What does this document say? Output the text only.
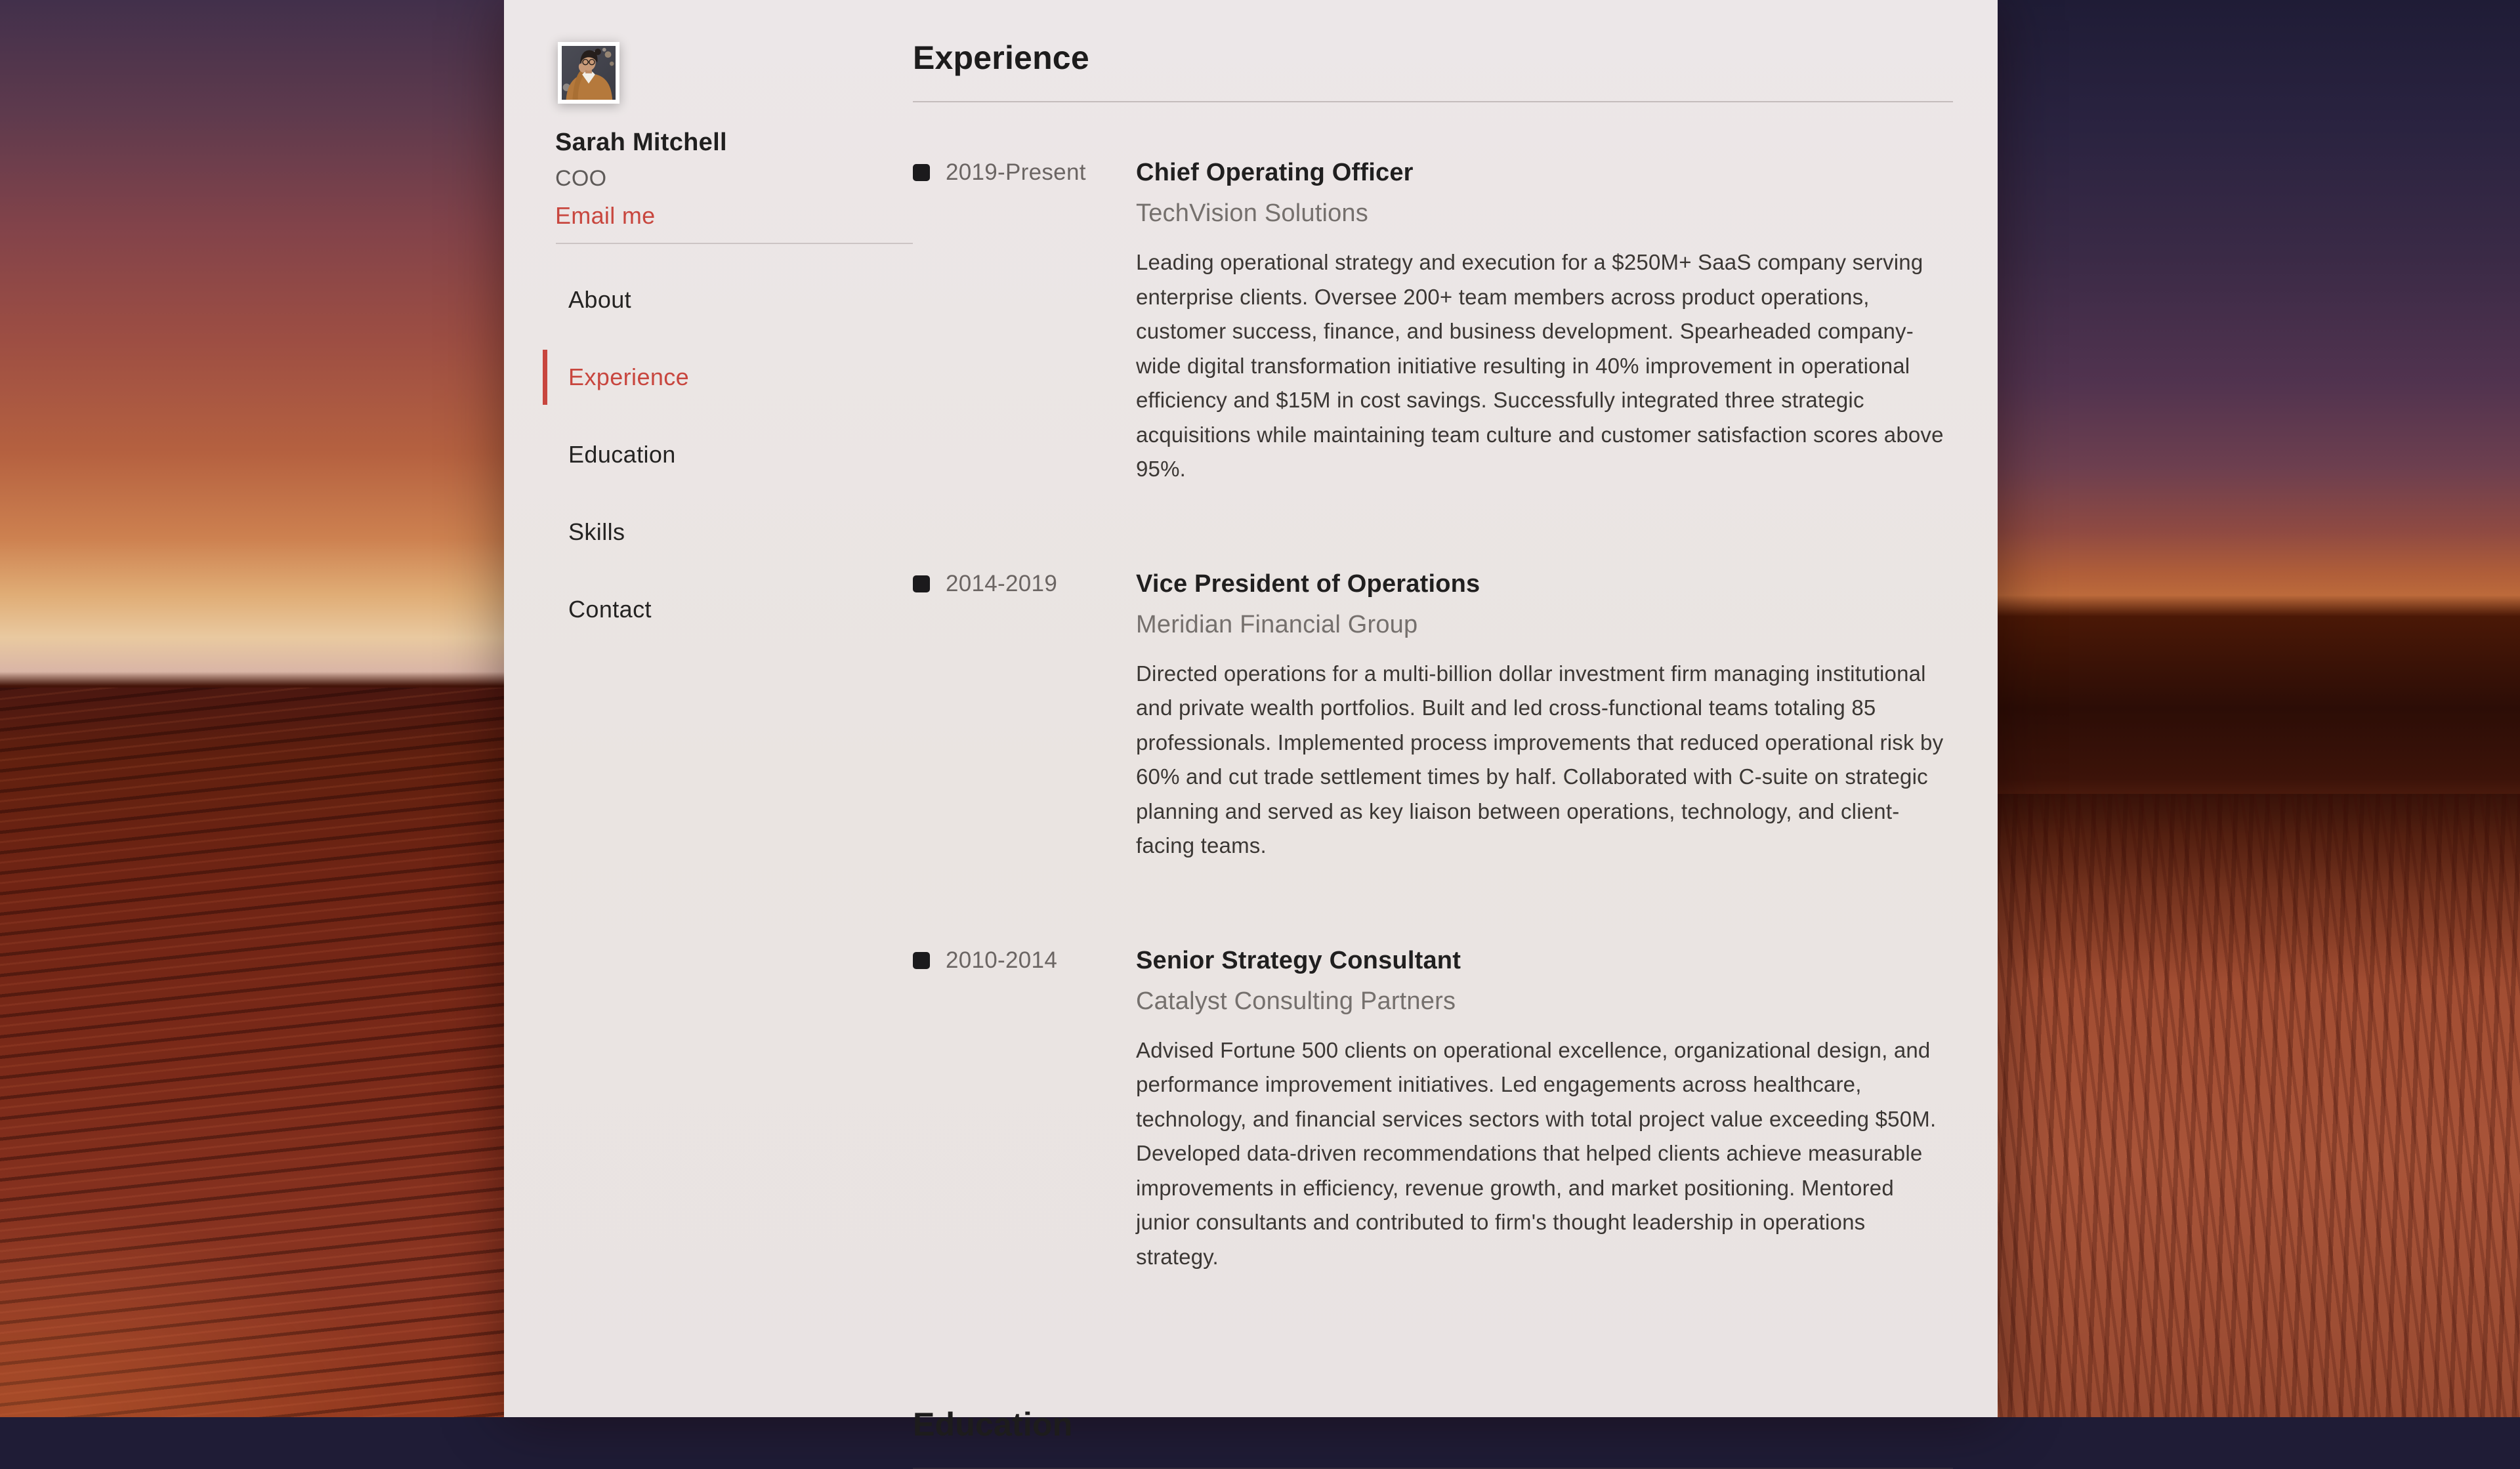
Sarah Mitchell
COO
Email me
About
Experience
Education
Skills
Contact
Experience
2019-Present Chief Operating Officer
TechVision Solutions

Leading operational strategy and execution for a $250M+ SaaS company serving enterprise clients. Oversee 200+ team members across product operations, customer success, finance, and business development. Spearheaded company-wide digital transformation initiative resulting in 40% improvement in operational efficiency and $15M in cost savings. Successfully integrated three strategic acquisitions while maintaining team culture and customer satisfaction scores above 95%.

2014-2019	Vice President of Operations
Meridian Financial Group

Directed operations for a multi-billion dollar investment firm managing institutional and private wealth portfolios. Built and led cross-functional teams totaling 85 professionals. Implemented process improvements that reduced operational risk by 60% and cut trade settlement times by half. Collaborated with C-suite on strategic planning and served as key liaison between operations, technology, and client-facing teams.

2010-2014	Senior Strategy Consultant
Catalyst Consulting Partners

Advised Fortune 500 clients on operational excellence, organizational design, and performance improvement initiatives. Led engagements across healthcare, technology, and financial services sectors with total project value exceeding $50M. Developed data-driven recommendations that helped clients achieve measurable improvements in efficiency, revenue growth, and market positioning. Mentored junior consultants and contributed to firm's thought leadership in operations strategy.

Education
